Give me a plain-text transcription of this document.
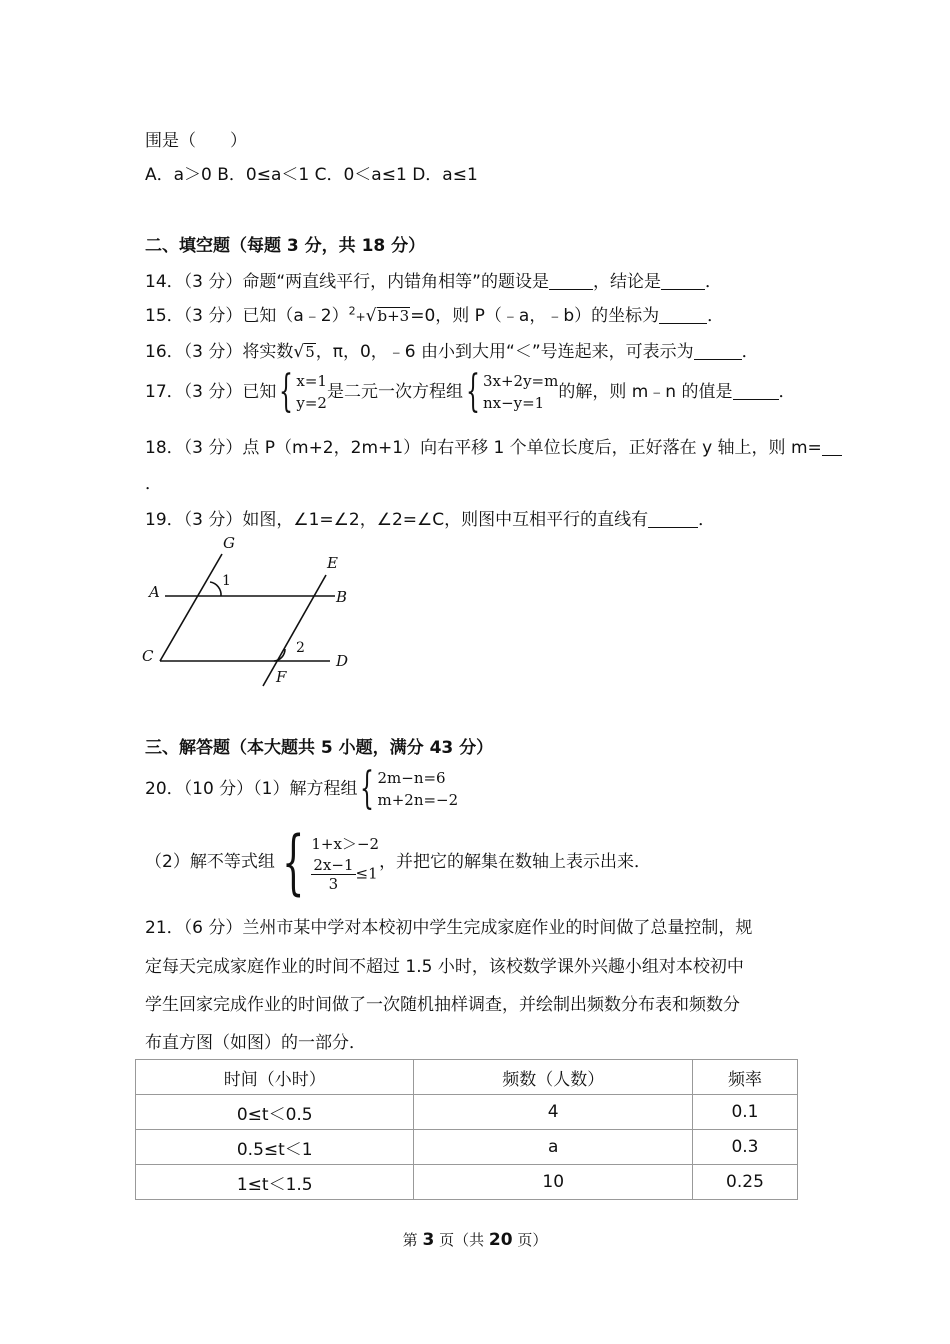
围是（　　）
A．a＞0 B．0≤a＜1 C．0＜a≤1 D．a≤1
二、填空题（每题 3 分，共 18 分）
14．（3 分）命题“两直线平行，内错角相等”的题设是	，结论是	．
15．（3 分）已知（a﹣2）$^2$+√b+3=0，则 P（﹣a，﹣b）的坐标为	．
16．（3 分）将实数√5，π，0，﹣6 由小到大用“＜”号连起来，可表示为	．
17．（3 分）已知 { x=1
y=2
是二元一次方程组 { 3x+2y=m
nx−y=1
的解，则 m﹣n 的值是	．
18．（3 分）点 P（m+2，2m+1）向右平移 1 个单位长度后，正好落在 y 轴上，则 m=
．
19．（3 分）如图，∠1=∠2，∠2=∠C，则图中互相平行的直线有	．
G
E
A	B
C	D
F
1
2
三、解答题（本大题共 5 小题，满分 43 分）
20．（10 分）（1）解方程组 { 2m−n=6
m+2n=−2
（2）解不等式组 { 1+x＞−2
$\frac{2x-1}{3} \le 1$
，并把它的解集在数轴上表示出来．
21．（6 分）兰州市某中学对本校初中学生完成家庭作业的时间做了总量控制，规
定每天完成家庭作业的时间不超过 1.5 小时，该校数学课外兴趣小组对本校初中
学生回家完成作业的时间做了一次随机抽样调查，并绘制出频数分布表和频数分
布直方图（如图）的一部分．
时间（小时）	频数（人数）	频率
0≤t＜0.5	4	0.1
0.5≤t＜1	a	0.3
1≤t＜1.5	10	0.25
第 3 页（共 20 页）
